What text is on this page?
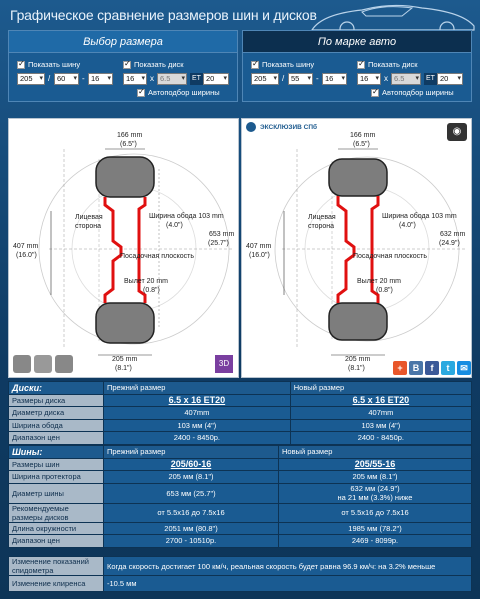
Графическое сравнение размеров шин и дисков
Выбор размера	По марке авто
✓
Показать шину ✓	Показать диск
205 ▾	/ 60 ▾	- 16 ▾	16 ▾	x 6.5 ▾	ET 20 ▾
✓
Автоподбор ширины
✓
Показать шину ✓	Показать диск
205 ▾	/ 55 ▾	- 16 ▾	16 ▾	x 6.5 ▾	ET 20 ▾
✓
Автоподбор ширины
166 mm
(6.5")
Лицевая
сторона
Ширина обода 103 mm
(4.0")
407 mm
(16.0")
653 mm
(25.7")
Посадочная плоскость
Вылет 20 mm
(0.8")
205 mm
(8.1")
3D
ЭКСКЛЮЗИВ СПб
166 mm
(6.5")
Лицевая
сторона
Ширина обода 103 mm
(4.0")
407 mm
(16.0")
632 mm
(24.9")
Посадочная плоскость
Вылет 20 mm
(0.8")
205 mm
(8.1")
◉
+	B	f	t	✉
Диски:	Прежний размер	Новый размер
Размеры диска	6.5 x 16 ET20	6.5 x 16 ET20
Диаметр диска	407mm	407mm
Ширина обода	103 мм (4")	103 мм (4")
Диапазон цен	2400 - 8450р.	2400 - 8450р.
Шины:	Прежний размер	Новый размер
Размеры шин	205/60-16	205/55-16
Ширина протектора	205 мм (8.1")	205 мм (8.1")
Диаметр шины	653 мм (25.7")	632 мм (24.9")
на 21 мм (3.3%) ниже

Рекомендуемые размеры дисков	от 5.5x16 до 7.5x16	от 5.5x16 до 7.5x16
Длина окружности	2051 мм (80.8")	1985 мм (78.2")
Диапазон цен	2700 - 10510р.	2469 - 8099р.
Изменение показаний спидометра	Когда скорость достигает 100 км/ч, реальная скорость будет равна 96.9 км/ч: на 3.2% меньше
Изменение клиренса	-10.5 мм
